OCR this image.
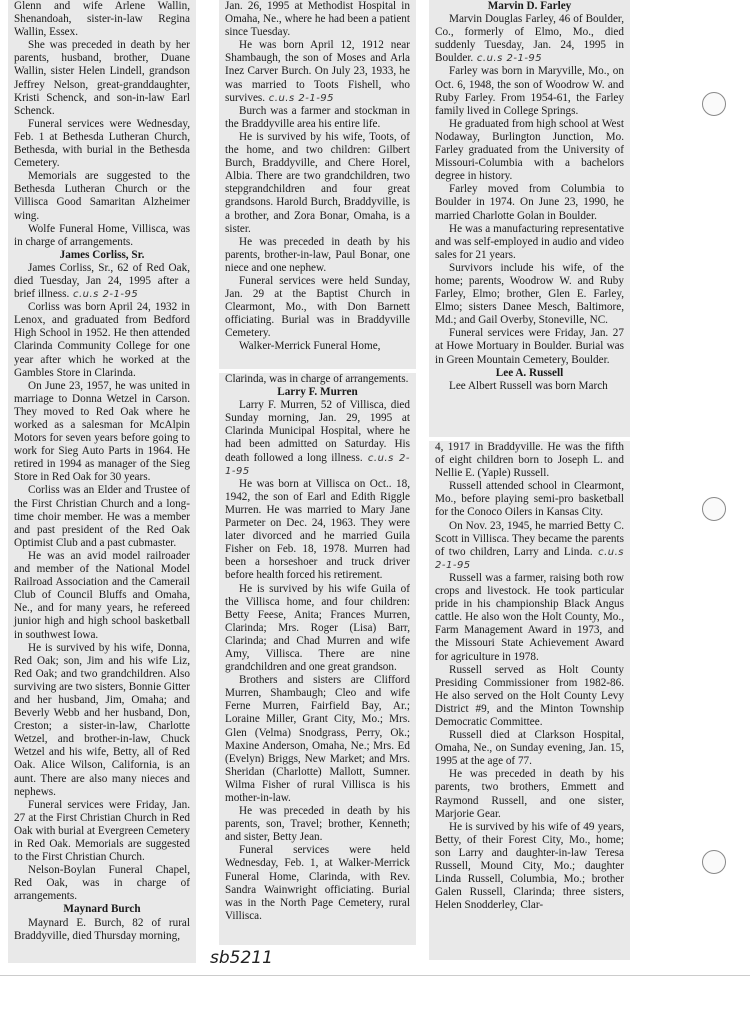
Glenn and wife Arlene Wallin, Shenandoah, sister-in-law Regina Wallin, Essex.

She was preceded in death by her parents, husband, brother, Duane Wallin, sister Helen Lindell, grandson Jeffrey Nelson, great-granddaughter, Kristi Schenck, and son-in-law Earl Schenck.

Funeral services were Wednesday, Feb. 1 at Bethesda Lutheran Church, Bethesda, with burial in the Bethesda Cemetery.

Memorials are suggested to the Bethesda Lutheran Church or the Villisca Good Samaritan Alzheimer wing.

Wolfe Funeral Home, Villisca, was in charge of arrangements.

James Corliss, Sr.

James Corliss, Sr., 62 of Red Oak, died Tuesday, Jan 24, 1995 after a brief illness. c.u.s 2-1-95

Corliss was born April 24, 1932 in Lenox, and graduated from Bedford High School in 1952. He then attended Clarinda Community College for one year after which he worked at the Gambles Store in Clarinda.

On June 23, 1957, he was united in marriage to Donna Wetzel in Carson. They moved to Red Oak where he worked as a salesman for McAlpin Motors for seven years before going to work for Sieg Auto Parts in 1964. He retired in 1994 as manager of the Sieg Store in Red Oak for 30 years.

Corliss was an Elder and Trustee of the First Christian Church and a long-time choir member. He was a member and past president of the Red Oak Optimist Club and a past cubmaster.

He was an avid model railroader and member of the National Model Railroad Association and the Camerail Club of Council Bluffs and Omaha, Ne., and for many years, he refereed junior high and high school basketball in southwest Iowa.

He is survived by his wife, Donna, Red Oak; son, Jim and his wife Liz, Red Oak; and two grandchildren. Also surviving are two sisters, Bonnie Gitter and her husband, Jim, Omaha; and Beverly Webb and her husband, Don, Creston; a sister-in-law, Charlotte Wetzel, and brother-in-law, Chuck Wetzel and his wife, Betty, all of Red Oak. Alice Wilson, California, is an aunt. There are also many nieces and nephews.

Funeral services were Friday, Jan. 27 at the First Christian Church in Red Oak with burial at Evergreen Cemetery in Red Oak. Memorials are suggested to the First Christian Church.

Nelson-Boylan Funeral Chapel, Red Oak, was in charge of arrangements.

Maynard Burch

Maynard E. Burch, 82 of rural Braddyville, died Thursday morning,

Jan. 26, 1995 at Methodist Hospital in Omaha, Ne., where he had been a patient since Tuesday.

He was born April 12, 1912 near Shambaugh, the son of Moses and Arla Inez Carver Burch. On July 23, 1933, he was married to Toots Fishell, who survives. c.u.s 2-1-95

Burch was a farmer and stockman in the Braddyville area his entire life.

He is survived by his wife, Toots, of the home, and two children: Gilbert Burch, Braddyville, and Chere Horel, Albia. There are two grandchildren, two stepgrandchildren and four great grandsons. Harold Burch, Braddyville, is a brother, and Zora Bonar, Omaha, is a sister.

He was preceded in death by his parents, brother-in-law, Paul Bonar, one niece and one nephew.

Funeral services were held Sunday, Jan. 29 at the Baptist Church in Clearmont, Mo., with Don Barnett officiating. Burial was in Braddyville Cemetery.

Walker-Merrick Funeral Home,

Clarinda, was in charge of arrangements.

Larry F. Murren

Larry F. Murren, 52 of Villisca, died Sunday morning, Jan. 29, 1995 at Clarinda Municipal Hospital, where he had been admitted on Saturday. His death followed a long illness. c.u.s 2-1-95

He was born at Villisca on Oct.. 18, 1942, the son of Earl and Edith Riggle Murren. He was married to Mary Jane Parmeter on Dec. 24, 1963. They were later divorced and he married Guila Fisher on Feb. 18, 1978. Murren had been a horseshoer and truck driver before health forced his retirement.

He is survived by his wife Guila of the Villisca home, and four children: Betty Feese, Anita; Frances Murren, Clarinda; Mrs. Roger (Lisa) Barr, Clarinda; and Chad Murren and wife Amy, Villisca. There are nine grandchildren and one great grandson.

Brothers and sisters are Clifford Murren, Shambaugh; Cleo and wife Ferne Murren, Fairfield Bay, Ar.; Loraine Miller, Grant City, Mo.; Mrs. Glen (Velma) Snodgrass, Perry, Ok.; Maxine Anderson, Omaha, Ne.; Mrs. Ed (Evelyn) Briggs, New Market; and Mrs. Sheridan (Charlotte) Mallott, Sumner. Wilma Fisher of rural Villisca is his mother-in-law.

He was preceded in death by his parents, son, Travel; brother, Kenneth; and sister, Betty Jean.

Funeral services were held Wednesday, Feb. 1, at Walker-Merrick Funeral Home, Clarinda, with Rev. Sandra Wainwright officiating. Burial was in the North Page Cemetery, rural Villisca.

Marvin D. Farley

Marvin Douglas Farley, 46 of Boulder, Co., formerly of Elmo, Mo., died suddenly Tuesday, Jan. 24, 1995 in Boulder. c.u.s 2-1-95

Farley was born in Maryville, Mo., on Oct. 6, 1948, the son of Woodrow W. and Ruby Farley. From 1954-61, the Farley family lived in College Springs.

He graduated from high school at West Nodaway, Burlington Junction, Mo. Farley graduated from the University of Missouri-Columbia with a bachelors degree in history.

Farley moved from Columbia to Boulder in 1974. On June 23, 1990, he married Charlotte Golan in Boulder.

He was a manufacturing representative and was self-employed in audio and video sales for 21 years.

Survivors include his wife, of the home; parents, Woodrow W. and Ruby Farley, Elmo; brother, Glen E. Farley, Elmo; sisters Danee Mesch, Baltimore, Md.; and Gail Overby, Stoneville, NC.

Funeral services were Friday, Jan. 27 at Howe Mortuary in Boulder. Burial was in Green Mountain Cemetery, Boulder.

Lee A. Russell

Lee Albert Russell was born March

4, 1917 in Braddyville. He was the fifth of eight children born to Joseph L. and Nellie E. (Yaple) Russell.

Russell attended school in Clearmont, Mo., before playing semi-pro basketball for the Conoco Oilers in Kansas City.

On Nov. 23, 1945, he married Betty C. Scott in Villisca. They became the parents of two children, Larry and Linda. c.u.s 2-1-95

Russell was a farmer, raising both row crops and livestock. He took particular pride in his championship Black Angus cattle. He also won the Holt County, Mo., Farm Management Award in 1973, and the Missouri State Achievement Award for agriculture in 1978.

Russell served as Holt County Presiding Commissioner from 1982-86. He also served on the Holt County Levy District #9, and the Minton Township Democratic Committee.

Russell died at Clarkson Hospital, Omaha, Ne., on Sunday evening, Jan. 15, 1995 at the age of 77.

He was preceded in death by his parents, two brothers, Emmett and Raymond Russell, and one sister, Marjorie Gear.

He is survived by his wife of 49 years, Betty, of their Forest City, Mo., home; son Larry and daughter-in-law Teresa Russell, Mound City, Mo.; daughter Linda Russell, Columbia, Mo.; brother Galen Russell, Clarinda; three sisters, Helen Snodderley, Clar-

sb5211
